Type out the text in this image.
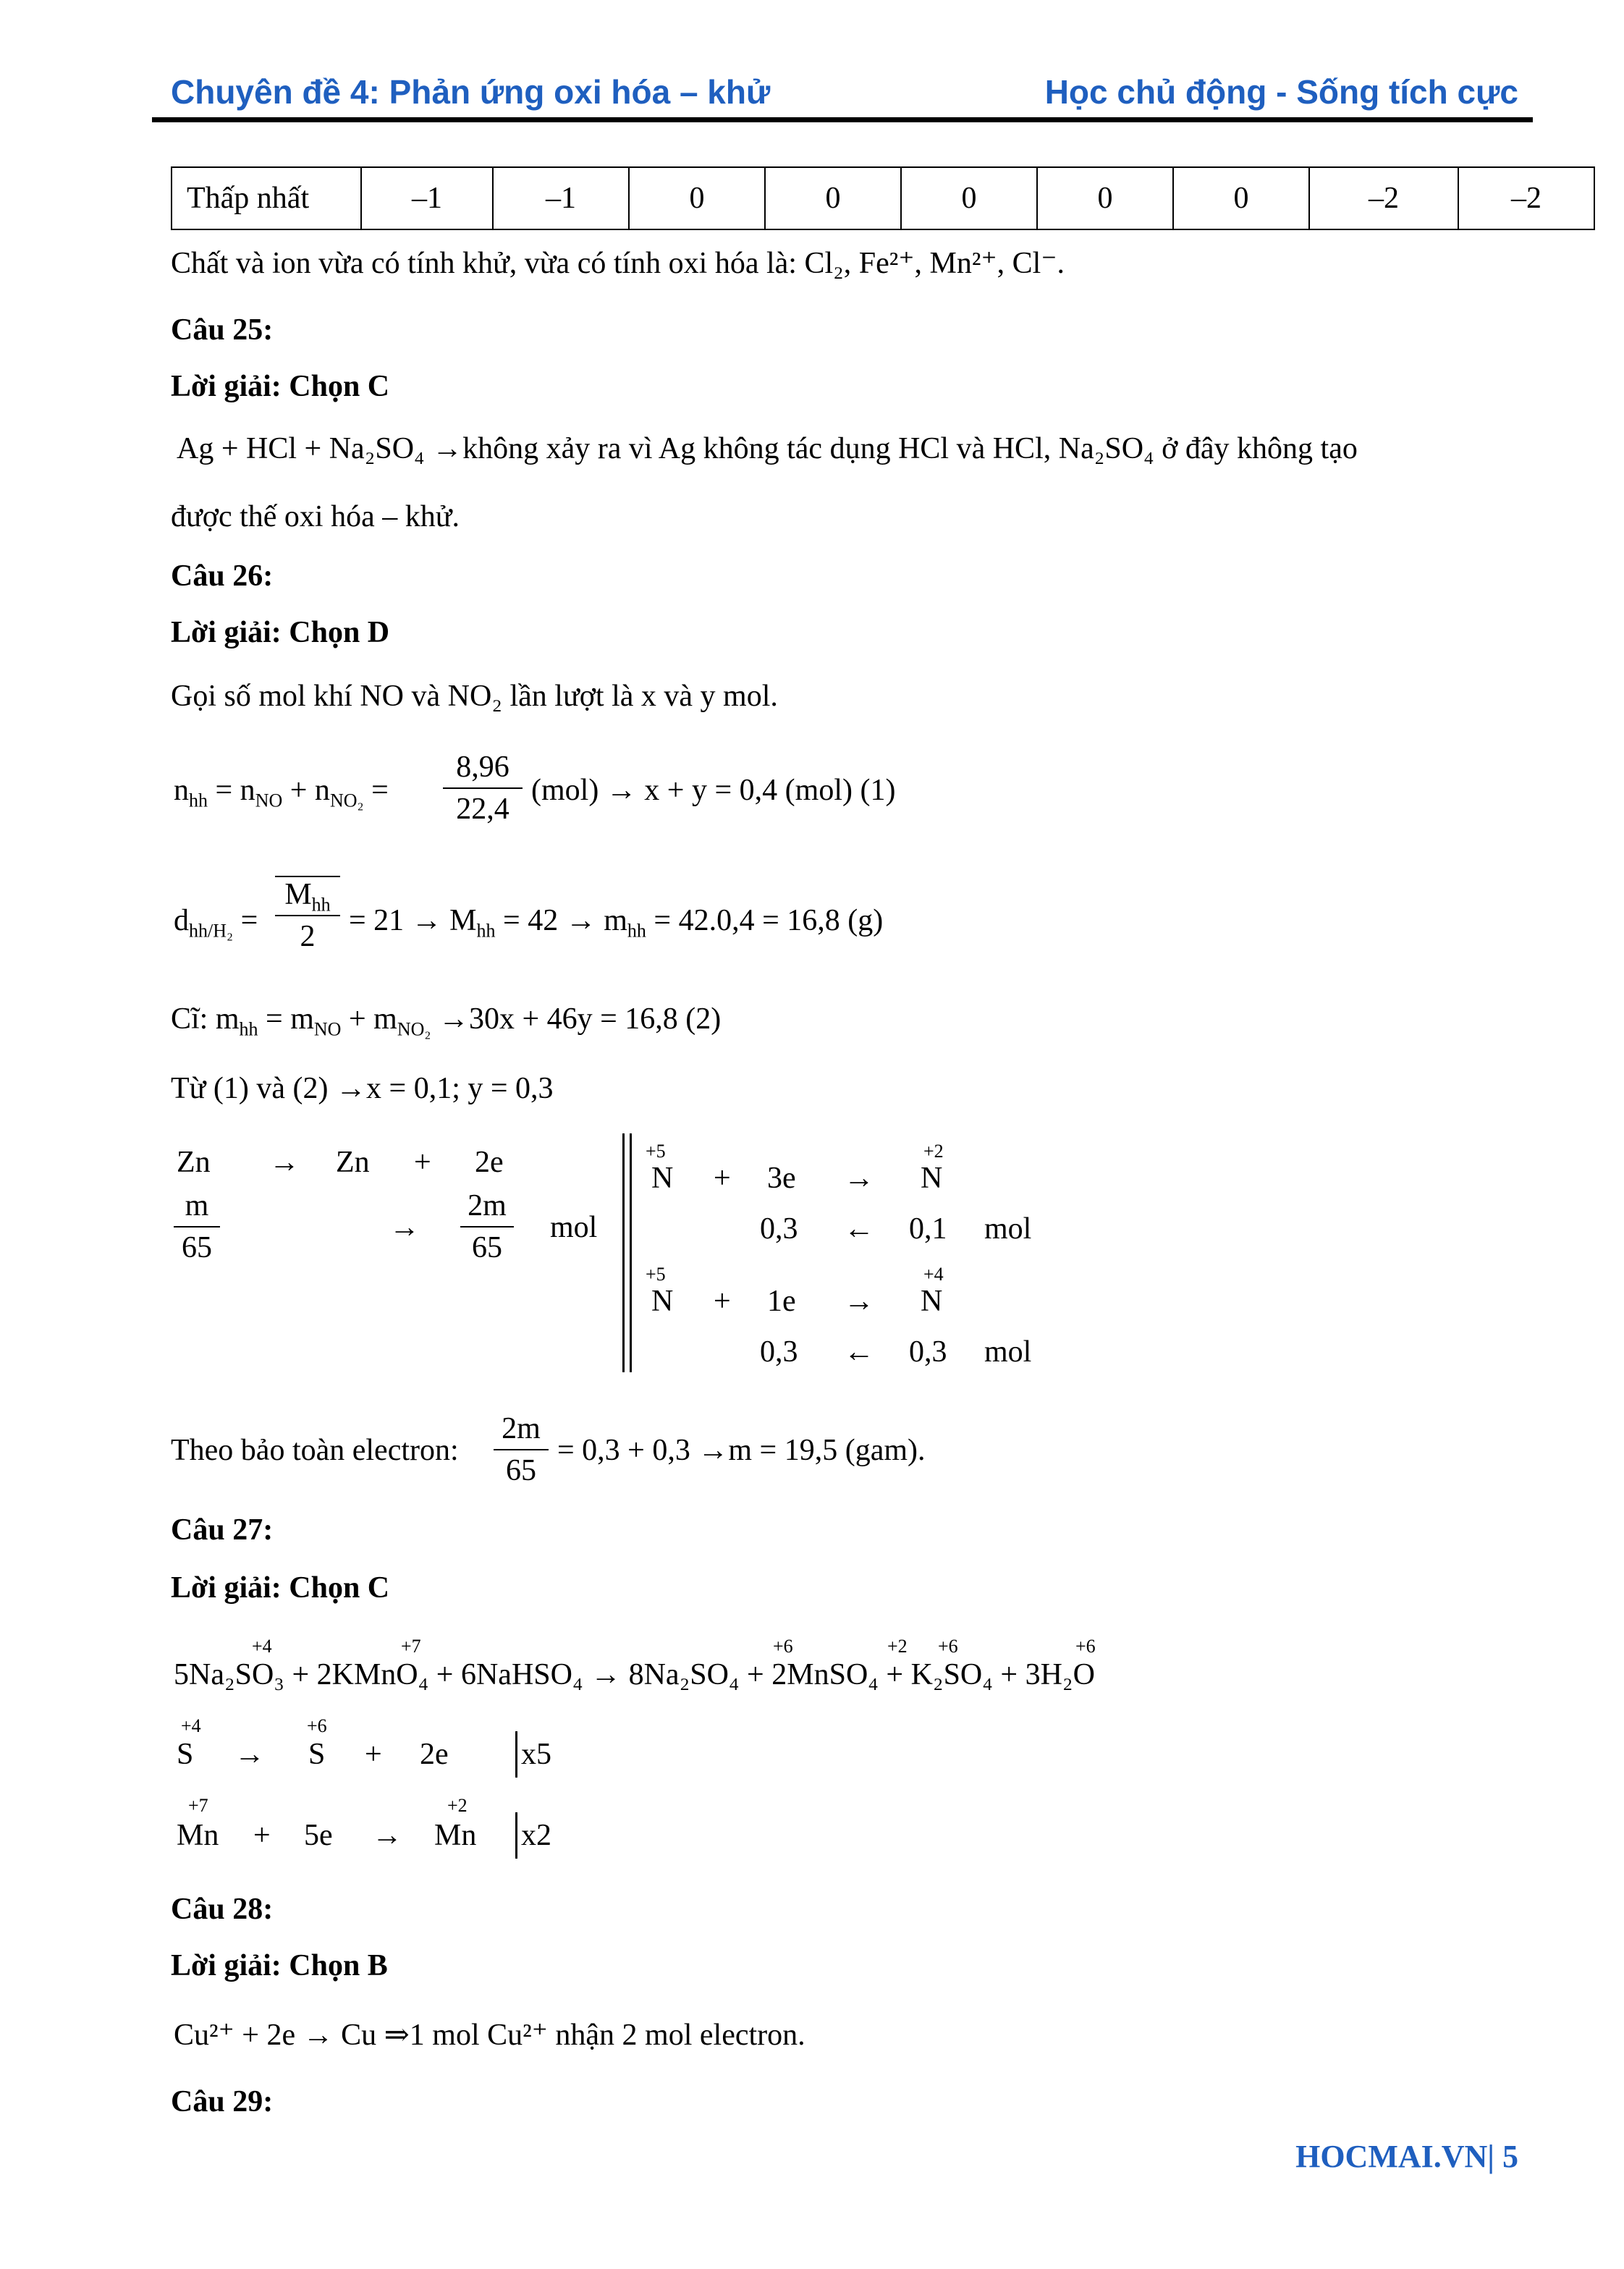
Chuyên đề 4: Phản ứng oxi hóa – khử	Học chủ động - Sống tích cực
Thấp nhất	–1	–1	0	0	0	0	0	–2	–2
Chất và ion vừa có tính khử, vừa có tính oxi hóa là: Cl₂, Fe²⁺, Mn²⁺, Cl⁻.
Câu 25:
Lời giải: Chọn C
Ag + HCl + Na₂SO₄ →không xảy ra vì Ag không tác dụng HCl và HCl, Na₂SO₄ ở đây không tạo
được thế oxi hóa – khử.
Câu 26:
Lời giải: Chọn D
Gọi số mol khí NO và NO₂ lần lượt là x và y mol.
$n_{hh} = n_{NO} + n_{NO_2}$ =
8,96
22,4
(mol) → x + y = 0,4 (mol) (1)
$d_{hh/H_2}$ =
$M_{hh}$
2	= $21 \to M_{hh} = 42 \to m_{hh} = 42.0,4 = 16,8$ (g)
Cĩ: $m_{hh} = m_{NO} + m_{NO_2} \to 30x + 46y = 16,8$ (2)
Từ (1) và (2) →x = 0,1; y = 0,3
Zn → Zn + 2e
m
65
→
2m
65
mol
+5
N + 3e →
+2
N
0,3 ← 0,1 mol
+5
N + 1e →
+4
N
0,3 ← 0,3 mol
Theo bảo toàn electron:
2m
65
= 0,3 + 0,3 →m = 19,5 (gam).
Câu 27:
Lời giải: Chọn C
+4	+7	+6	+2 +6	+6
5Na₂SO₃ + 2KMnO₄ + 6NaHSO₄ → 8Na₂SO₄ + 2MnSO₄ + K₂SO₄ + 3H₂O
+4
S →
+6
S + 2e x5
+7
Mn + 5e →
+2
Mn x2
Câu 28:
Lời giải: Chọn B
Cu²⁺ + 2e → Cu ⇒1 mol Cu²⁺ nhận 2 mol electron.
Câu 29:
HOCMAI.VN| 5
